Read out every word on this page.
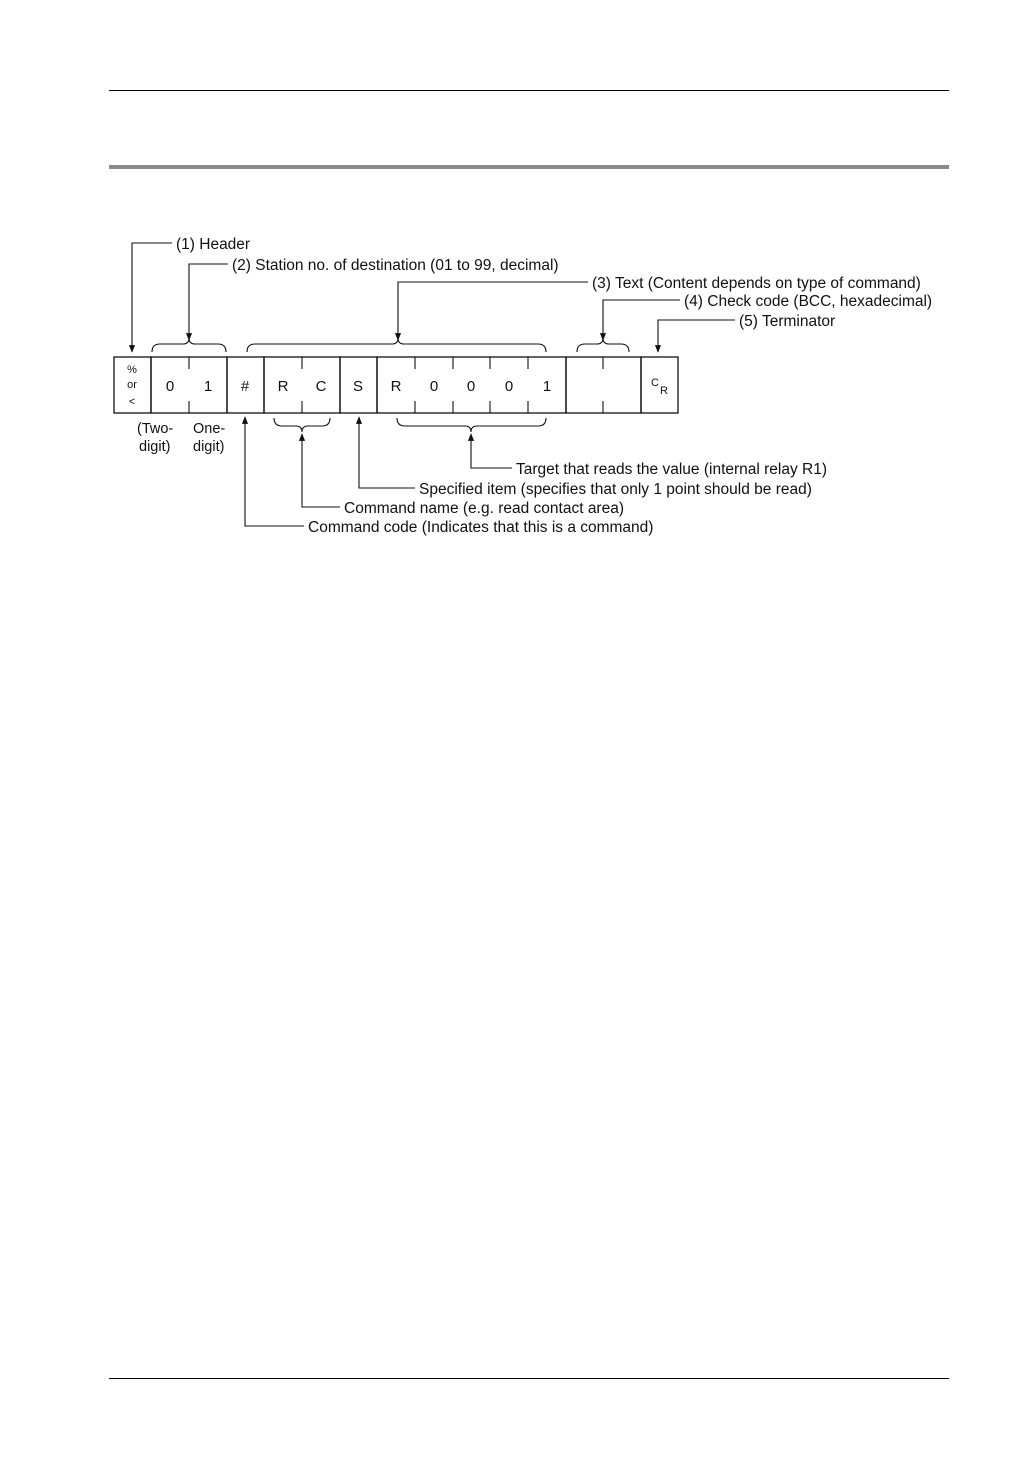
(1) Header
(2) Station no. of destination (01 to 99, decimal)
(3) Text (Content depends on type of command)
(4) Check code (BCC, hexadecimal)
(5) Terminator
%
or
<
0 1 # R C S R 0 0 0 1	C
R
(Two-
digit)
One-
digit)
Target that reads the value (internal relay R1)
Specified item (specifies that only 1 point should be read)
Command name (e.g. read contact area)
Command code (Indicates that this is a command)
